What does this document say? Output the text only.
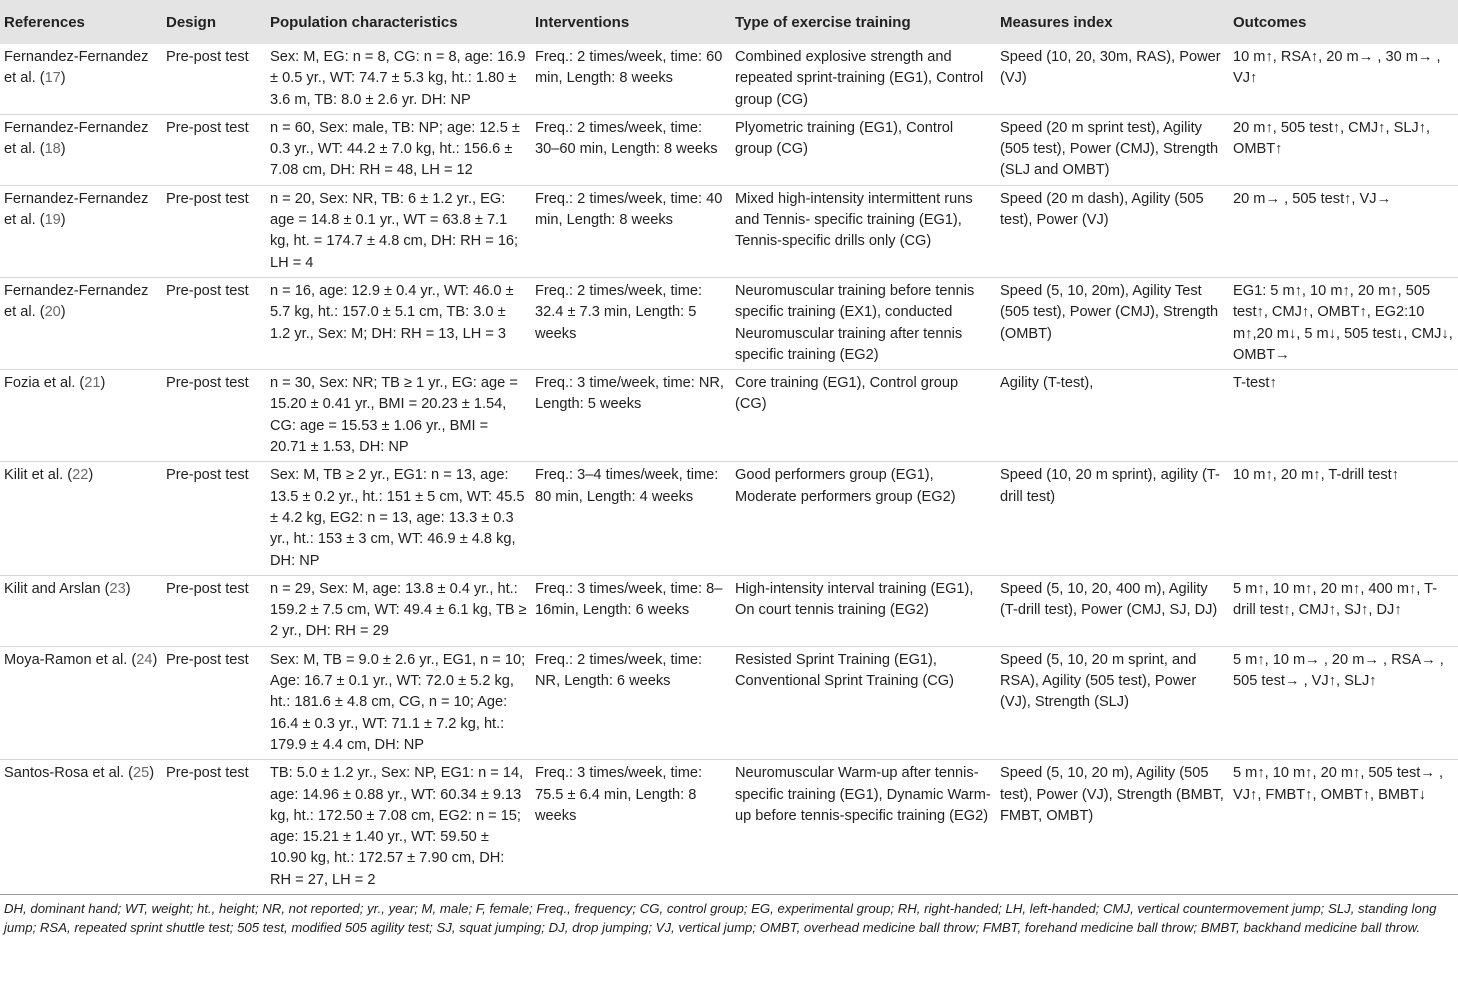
References	Design	Population characteristics	Interventions	Type of exercise training	Measures index	Outcomes
Fernandez-Fernandez et al. (17)	Pre-post test	Sex: M, EG: n = 8, CG: n = 8, age: 16.9 ± 0.5 yr., WT: 74.7 ± 5.3 kg, ht.: 1.80 ± 3.6 m, TB: 8.0 ± 2.6 yr. DH: NP	Freq.: 2 times/week, time: 60 min, Length: 8 weeks	Combined explosive strength and repeated sprint-training (EG1), Control group (CG)	Speed (10, 20, 30m, RAS), Power (VJ)	10 m↑, RSA↑, 20 m→ , 30 m→ , VJ↑
Fernandez-Fernandez et al. (18)	Pre-post test	n = 60, Sex: male, TB: NP; age: 12.5 ± 0.3 yr., WT: 44.2 ± 7.0 kg, ht.: 156.6 ± 7.08 cm, DH: RH = 48, LH = 12	Freq.: 2 times/week, time: 30–60 min, Length: 8 weeks	Plyometric training (EG1), Control group (CG)	Speed (20 m sprint test), Agility (505 test), Power (CMJ), Strength (SLJ and OMBT)	20 m↑, 505 test↑, CMJ↑, SLJ↑, OMBT↑
Fernandez-Fernandez et al. (19)	Pre-post test	n = 20, Sex: NR, TB: 6 ± 1.2 yr., EG: age = 14.8 ± 0.1 yr., WT = 63.8 ± 7.1 kg, ht. = 174.7 ± 4.8 cm, DH: RH = 16; LH = 4	Freq.: 2 times/week, time: 40 min, Length: 8 weeks	Mixed high-intensity intermittent runs and Tennis- specific training (EG1), Tennis-specific drills only (CG)	Speed (20 m dash), Agility (505 test), Power (VJ)	20 m→ , 505 test↑, VJ→
Fernandez-Fernandez et al. (20)	Pre-post test	n = 16, age: 12.9 ± 0.4 yr., WT: 46.0 ± 5.7 kg, ht.: 157.0 ± 5.1 cm, TB: 3.0 ± 1.2 yr., Sex: M; DH: RH = 13, LH = 3	Freq.: 2 times/week, time: 32.4 ± 7.3 min, Length: 5 weeks	Neuromuscular training before tennis specific training (EX1), conducted Neuromuscular training after tennis specific training (EG2)	Speed (5, 10, 20m), Agility Test (505 test), Power (CMJ), Strength (OMBT)	EG1: 5 m↑, 10 m↑, 20 m↑, 505 test↑, CMJ↑, OMBT↑, EG2:10 m↑,20 m↓, 5 m↓, 505 test↓, CMJ↓, OMBT→
Fozia et al. (21)	Pre-post test	n = 30, Sex: NR; TB ≥ 1 yr., EG: age = 15.20 ± 0.41 yr., BMI = 20.23 ± 1.54, CG: age = 15.53 ± 1.06 yr., BMI = 20.71 ± 1.53, DH: NP	Freq.: 3 time/week, time: NR, Length: 5 weeks	Core training (EG1), Control group (CG)	Agility (T-test),	T-test↑
Kilit et al. (22)	Pre-post test	Sex: M, TB ≥ 2 yr., EG1: n = 13, age: 13.5 ± 0.2 yr., ht.: 151 ± 5 cm, WT: 45.5 ± 4.2 kg, EG2: n = 13, age: 13.3 ± 0.3 yr., ht.: 153 ± 3 cm, WT: 46.9 ± 4.8 kg, DH: NP	Freq.: 3–4 times/week, time: 80 min, Length: 4 weeks	Good performers group (EG1), Moderate performers group (EG2)	Speed (10, 20 m sprint), agility (T-drill test)	10 m↑, 20 m↑, T-drill test↑
Kilit and Arslan (23)	Pre-post test	n = 29, Sex: M, age: 13.8 ± 0.4 yr., ht.: 159.2 ± 7.5 cm, WT: 49.4 ± 6.1 kg, TB ≥ 2 yr., DH: RH = 29	Freq.: 3 times/week, time: 8–16min, Length: 6 weeks	High-intensity interval training (EG1), On court tennis training (EG2)	Speed (5, 10, 20, 400 m), Agility (T-drill test), Power (CMJ, SJ, DJ)	5 m↑, 10 m↑, 20 m↑, 400 m↑, T-drill test↑, CMJ↑, SJ↑, DJ↑
Moya-Ramon et al. (24)	Pre-post test	Sex: M, TB = 9.0 ± 2.6 yr., EG1, n = 10; Age: 16.7 ± 0.1 yr., WT: 72.0 ± 5.2 kg, ht.: 181.6 ± 4.8 cm, CG, n = 10; Age: 16.4 ± 0.3 yr., WT: 71.1 ± 7.2 kg, ht.: 179.9 ± 4.4 cm, DH: NP	Freq.: 2 times/week, time: NR, Length: 6 weeks	Resisted Sprint Training (EG1), Conventional Sprint Training (CG)	Speed (5, 10, 20 m sprint, and RSA), Agility (505 test), Power (VJ), Strength (SLJ)	5 m↑, 10 m→ , 20 m→ , RSA→ , 505 test→ , VJ↑, SLJ↑
Santos-Rosa et al. (25)	Pre-post test	TB: 5.0 ± 1.2 yr., Sex: NP, EG1: n = 14, age: 14.96 ± 0.88 yr., WT: 60.34 ± 9.13 kg, ht.: 172.50 ± 7.08 cm, EG2: n = 15; age: 15.21 ± 1.40 yr., WT: 59.50 ± 10.90 kg, ht.: 172.57 ± 7.90 cm, DH: RH = 27, LH = 2	Freq.: 3 times/week, time: 75.5 ± 6.4 min, Length: 8 weeks	Neuromuscular Warm-up after tennis-specific training (EG1), Dynamic Warm-up before tennis-specific training (EG2)	Speed (5, 10, 20 m), Agility (505 test), Power (VJ), Strength (BMBT, FMBT, OMBT)	5 m↑, 10 m↑, 20 m↑, 505 test→ , VJ↑, FMBT↑, OMBT↑, BMBT↓
DH, dominant hand; WT, weight; ht., height; NR, not reported; yr., year; M, male; F, female; Freq., frequency; CG, control group; EG, experimental group; RH, right-handed; LH, left-handed; CMJ, vertical countermovement jump; SLJ, standing long jump; RSA, repeated sprint shuttle test; 505 test, modified 505 agility test; SJ, squat jumping; DJ, drop jumping; VJ, vertical jump; OMBT, overhead medicine ball throw; FMBT, forehand medicine ball throw; BMBT, backhand medicine ball throw.
